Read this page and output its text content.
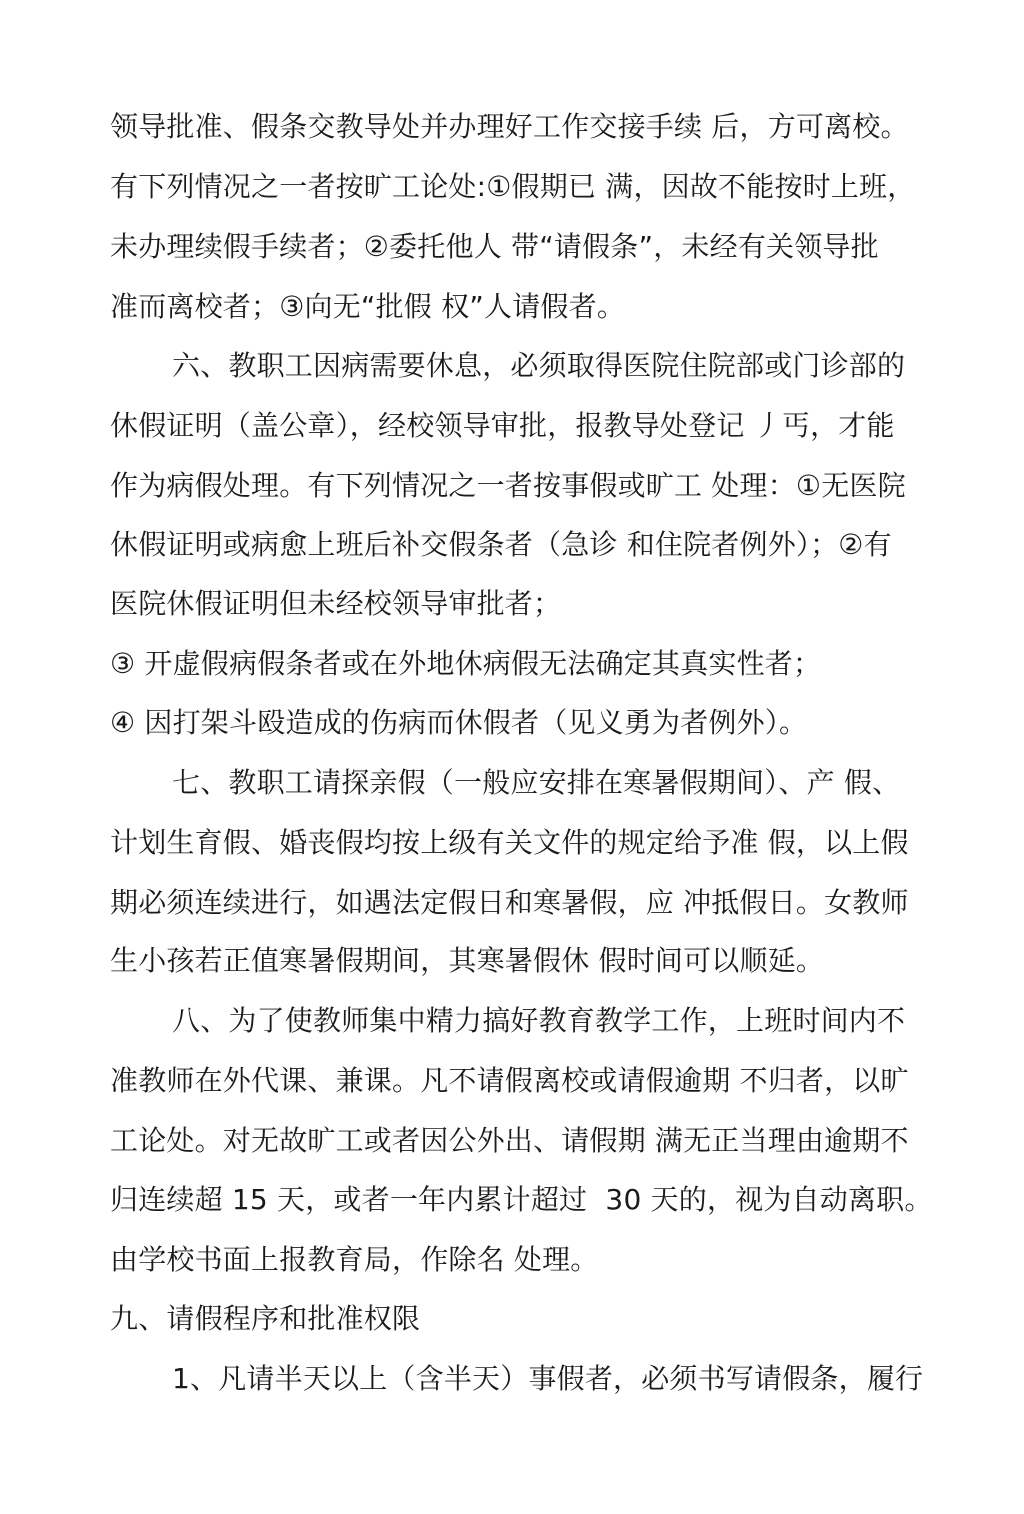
领导批准、假条交教导处并办理好工作交接手续 后，方可离校。
有下列情况之一者按旷工论处:①假期已 满，因故不能按时上班，
未办理续假手续者；②委托他人 带“请假条”，未经有关领导批
准而离校者；③向无“批假 权”人请假者。
六、教职工因病需要休息，必须取得医院住院部或门诊部的
休假证明（盖公章），经校领导审批，报教导处登记 丿丐，才能
作为病假处理。有下列情况之一者按事假或旷工 处理：①无医院
休假证明或病愈上班后补交假条者（急诊 和住院者例外）；②有
医院休假证明但未经校领导审批者；
③ 开虚假病假条者或在外地休病假无法确定其真实性者；
④ 因打架斗殴造成的伤病而休假者（见义勇为者例外）。
七、教职工请探亲假（一般应安排在寒暑假期间）、产 假、
计划生育假、婚丧假均按上级有关文件的规定给予准 假，以上假
期必须连续进行，如遇法定假日和寒暑假，应 冲抵假日。女教师
生小孩若正值寒暑假期间，其寒暑假休 假时间可以顺延。
八、为了使教师集中精力搞好教育教学工作，上班时间内不
准教师在外代课、兼课。凡不请假离校或请假逾期 不归者，以旷
工论处。对无故旷工或者因公外出、请假期 满无正当理由逾期不
归连续超 15 天，或者一年内累计超过  30 天的，视为自动离职。
由学校书面上报教育局，作除名 处理。
九、请假程序和批准权限
1、凡请半天以上（含半天）事假者，必须书写请假条，履行
